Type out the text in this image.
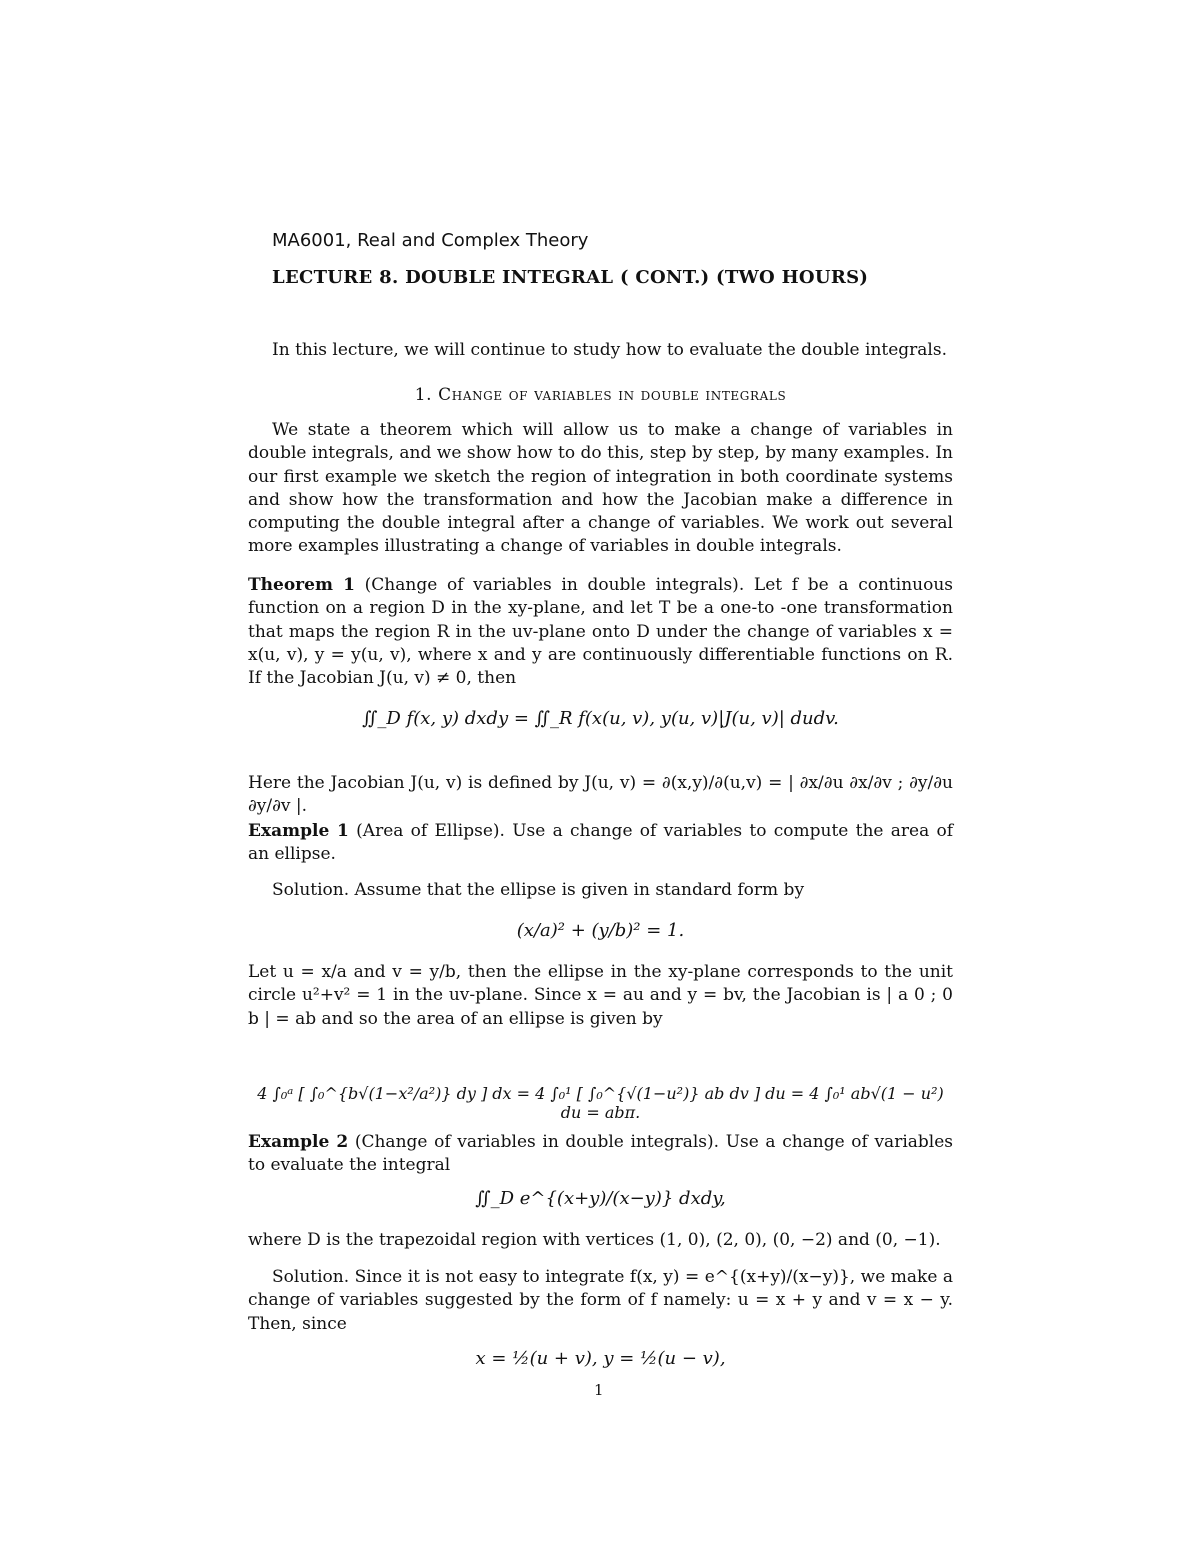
MA6001, Real and Complex Theory
LECTURE 8. DOUBLE INTEGRAL ( CONT.) (TWO HOURS)
In this lecture, we will continue to study how to evaluate the double integrals.
1. Change of variables in double integrals
We state a theorem which will allow us to make a change of variables in double integrals, and we show how to do this, step by step, by many examples. In our first example we sketch the region of integration in both coordinate systems and show how the transformation and how the Jacobian make a difference in computing the double integral after a change of variables. We work out several more examples illustrating a change of variables in double integrals.
Theorem 1 (Change of variables in double integrals). Let f be a continuous function on a region D in the xy-plane, and let T be a one-to -one transformation that maps the region R in the uv-plane onto D under the change of variables x = x(u, v), y = y(u, v), where x and y are continuously differentiable functions on R. If the Jacobian J(u, v) ≠ 0, then
∬_D f(x, y) dxdy = ∬_R f(x(u, v), y(u, v)|J(u, v)| dudv.
Here the Jacobian J(u, v) is defined by J(u, v) = ∂(x,y)/∂(u,v) = | ∂x/∂u ∂x/∂v ; ∂y/∂u ∂y/∂v |.
Example 1 (Area of Ellipse). Use a change of variables to compute the area of an ellipse.
Solution. Assume that the ellipse is given in standard form by
(x/a)² + (y/b)² = 1.
Let u = x/a and v = y/b, then the ellipse in the xy-plane corresponds to the unit circle u²+v² = 1 in the uv-plane. Since x = au and y = bv, the Jacobian is | a 0 ; 0 b | = ab and so the area of an ellipse is given by
4 ∫₀ᵃ [ ∫₀^{b√(1−x²/a²)} dy ] dx = 4 ∫₀¹ [ ∫₀^{√(1−u²)} ab dv ] du = 4 ∫₀¹ ab√(1 − u²) du = abπ.
Example 2 (Change of variables in double integrals). Use a change of variables to evaluate the integral
∬_D e^{(x+y)/(x−y)} dxdy,
where D is the trapezoidal region with vertices (1, 0), (2, 0), (0, −2) and (0, −1).
Solution. Since it is not easy to integrate f(x, y) = e^{(x+y)/(x−y)}, we make a change of variables suggested by the form of f namely: u = x + y and v = x − y. Then, since
x = ½(u + v), y = ½(u − v),
1
